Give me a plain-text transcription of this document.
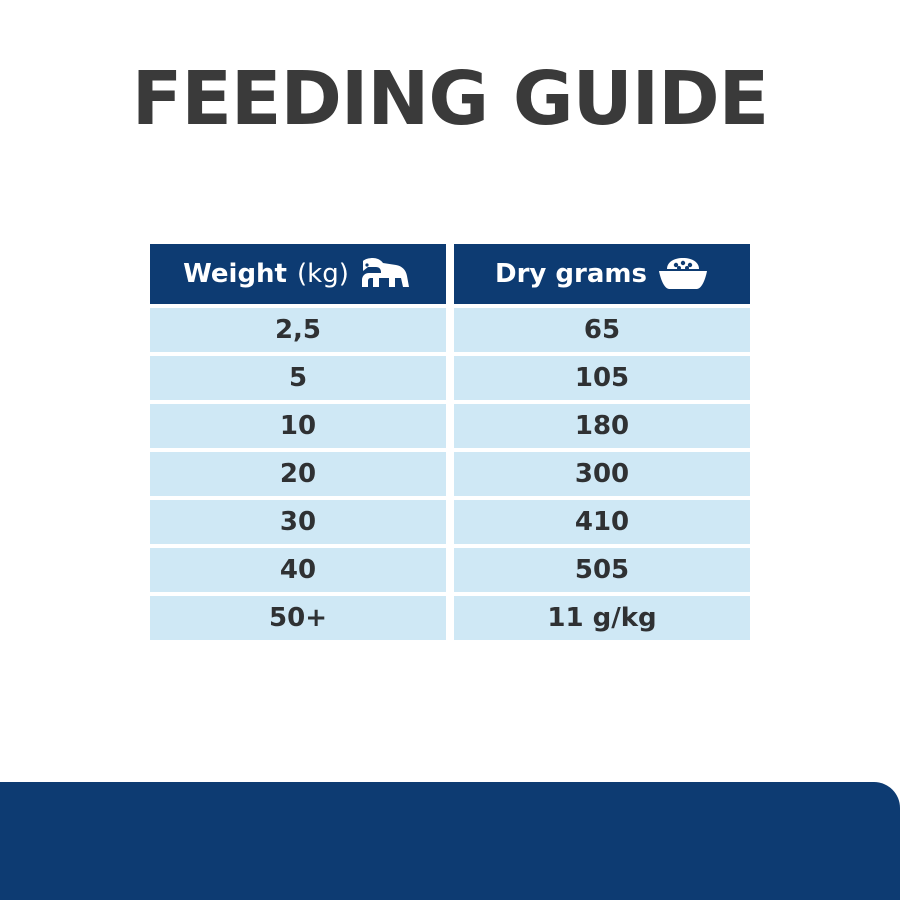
FEEDING GUIDE
Weight (kg)	Dry grams

2,5	65
5	105
10	180
20	300
30	410
40	505
50+	11 g/kg
